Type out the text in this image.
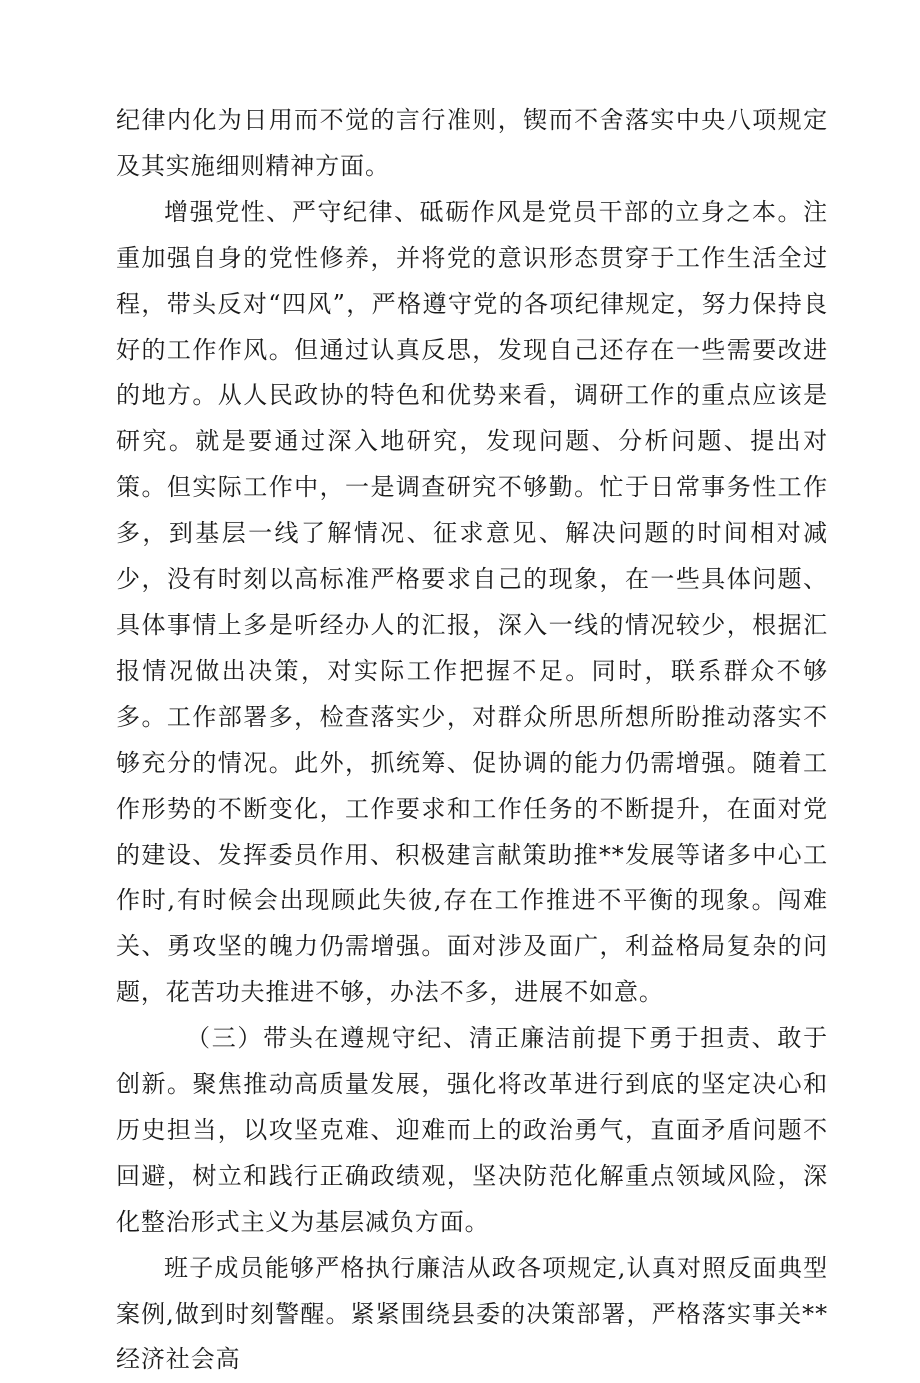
纪律内化为日用而不觉的言行准则，锲而不舍落实中央八项规定及其实施细则精神方面。

增强党性、严守纪律、砥砺作风是党员干部的立身之本。注重加强自身的党性修养，并将党的意识形态贯穿于工作生活全过程，带头反对“四风”，严格遵守党的各项纪律规定，努力保持良好的工作作风。但通过认真反思，发现自己还存在一些需要改进的地方。从人民政协的特色和优势来看，调研工作的重点应该是研究。就是要通过深入地研究，发现问题、分析问题、提出对策。但实际工作中，一是调查研究不够勤。忙于日常事务性工作多，到基层一线了解情况、征求意见、解决问题的时间相对减少，没有时刻以高标准严格要求自己的现象，在一些具体问题、具体事情上多是听经办人的汇报，深入一线的情况较少，根据汇报情况做出决策，对实际工作把握不足。同时，联系群众不够多。工作部署多，检查落实少，对群众所思所想所盼推动落实不够充分的情况。此外，抓统筹、促协调的能力仍需增强。随着工作形势的不断变化，工作要求和工作任务的不断提升，在面对党的建设、发挥委员作用、积极建言献策助推**发展等诸多中心工作时,有时候会出现顾此失彼,存在工作推进不平衡的现象。闯难关、勇攻坚的魄力仍需增强。面对涉及面广，利益格局复杂的问题，花苦功夫推进不够，办法不多，进展不如意。

（三）带头在遵规守纪、清正廉洁前提下勇于担责、敢于创新。聚焦推动高质量发展，强化将改革进行到底的坚定决心和历史担当，以攻坚克难、迎难而上的政治勇气，直面矛盾问题不回避，树立和践行正确政绩观，坚决防范化解重点领域风险，深化整治形式主义为基层减负方面。

班子成员能够严格执行廉洁从政各项规定,认真对照反面典型案例,做到时刻警醒。紧紧围绕县委的决策部署，严格落实事关**经济社会高
